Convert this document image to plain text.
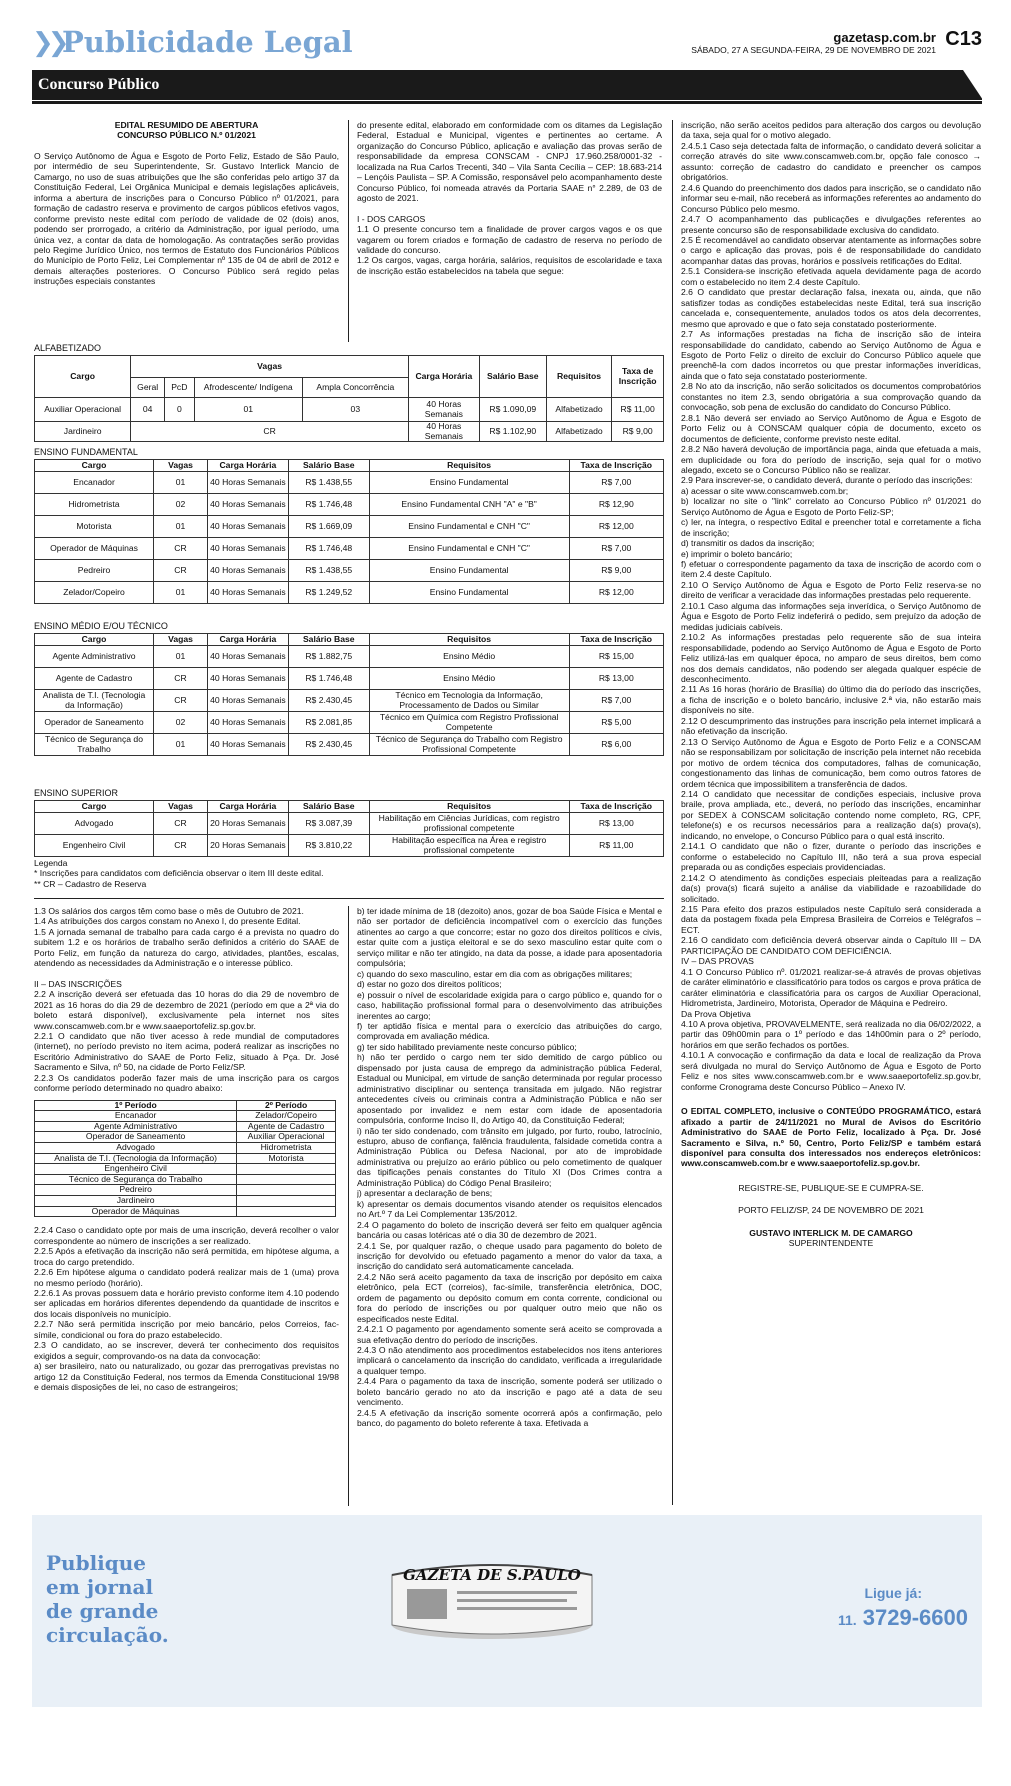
❯❯
Publicidade Legal	gazetasp.com.br
SÁBADO, 27 A SEGUNDA-FEIRA, 29 DE NOVEMBRO DE 2021 C13
Concurso Público

EDITAL RESUMIDO DE ABERTURA

CONCURSO PÚBLICO N.º 01/2021

O Serviço Autônomo de Água e Esgoto de Porto Feliz, Estado de São Paulo, por intermédio de seu Superintendente, Sr. Gustavo Interlick Mancio de Camargo, no uso de suas atribuições que lhe são conferidas pelo artigo 37 da Constituição Federal, Lei Orgânica Municipal e demais legislações aplicáveis, informa a abertura de inscrições para o Concurso Público nº 01/2021, para formação de cadastro reserva e provimento de cargos públicos efetivos vagos, conforme previsto neste edital com período de validade de 02 (dois) anos, podendo ser prorrogado, a critério da Administração, por igual período, uma única vez, a contar da data de homologação. As contratações serão providas pelo Regime Jurídico Único, nos termos de Estatuto dos Funcionários Públicos do Município de Porto Feliz, Lei Complementar nº 135 de 04 de abril de 2012 e demais alterações posteriores. O Concurso Público será regido pelas instruções especiais constantes

do presente edital, elaborado em conformidade com os ditames da Legislação Federal, Estadual e Municipal, vigentes e pertinentes ao certame. A organização do Concurso Público, aplicação e avaliação das provas serão de responsabilidade da empresa CONSCAM - CNPJ 17.960.258/0001-32 - localizada na Rua Carlos Trecenti, 340 – Vila Santa Cecília – CEP: 18.683-214 – Lençóis Paulista – SP. A Comissão, responsável pelo acompanhamento deste Concurso Público, foi nomeada através da Portaria SAAE n° 2.289, de 03 de agosto de 2021.

I - DOS CARGOS

1.1 O presente concurso tem a finalidade de prover cargos vagos e os que vagarem ou forem criados e formação de cadastro de reserva no período de validade do concurso.

1.2 Os cargos, vagas, carga horária, salários, requisitos de escolaridade e taxa de inscrição estão estabelecidos na tabela que segue:

ALFABETIZADO
Cargo	Vagas				Carga Horária	Salário Base	Requisitos	Taxa de Inscrição
	Geral	PcD	Afrodescente/ Indígena	Ampla Concorrência				
Auxiliar Operacional	04	0	01	03	40 Horas Semanais	R$ 1.090,09	Alfabetizado	R$ 11,00
Jardineiro	CR				40 Horas Semanais	R$ 1.102,90	Alfabetizado	R$ 9,00
ENSINO FUNDAMENTAL
Cargo	Vagas	Carga Horária	Salário Base	Requisitos	Taxa de Inscrição
Encanador	01	40 Horas Semanais	R$ 1.438,55	Ensino Fundamental	R$ 7,00
Hidrometrista	02	40 Horas Semanais	R$ 1.746,48	Ensino Fundamental CNH "A" e "B"	R$ 12,90
Motorista	01	40 Horas Semanais	R$ 1.669,09	Ensino Fundamental e CNH "C"	R$ 12,00
Operador de Máquinas	CR	40 Horas Semanais	R$ 1.746,48	Ensino Fundamental e CNH "C"	R$ 7,00
Pedreiro	CR	40 Horas Semanais	R$ 1.438,55	Ensino Fundamental	R$ 9,00
Zelador/Copeiro	01	40 Horas Semanais	R$ 1.249,52	Ensino Fundamental	R$ 12,00
ENSINO MÉDIO E/OU TÉCNICO
Cargo	Vagas	Carga Horária	Salário Base	Requisitos	Taxa de Inscrição
Agente Administrativo	01	40 Horas Semanais	R$ 1.882,75	Ensino Médio	R$ 15,00
Agente de Cadastro	CR	40 Horas Semanais	R$ 1.746,48	Ensino Médio	R$ 13,00
Analista de T.I. (Tecnologia da Informação)	CR	40 Horas Semanais	R$ 2.430,45	Técnico em Tecnologia da Informação, Processamento de Dados ou Similar	R$ 7,00
Operador de Saneamento	02	40 Horas Semanais	R$ 2.081,85	Técnico em Química com Registro Profissional Competente	R$ 5,00
Técnico de Segurança do Trabalho	01	40 Horas Semanais	R$ 2.430,45	Técnico de Segurança do Trabalho com Registro Profissional Competente	R$ 6,00
ENSINO SUPERIOR
Cargo	Vagas	Carga Horária	Salário Base	Requisitos	Taxa de Inscrição
Advogado	CR	20 Horas Semanais	R$ 3.087,39	Habilitação em Ciências Jurídicas, com registro profissional competente	R$ 13,00
Engenheiro Civil	CR	20 Horas Semanais	R$ 3.810,22	Habilitação específica na Área e registro profissional competente	R$ 11,00

Legenda

* Inscrições para candidatos com deficiência observar o item III deste edital.

** CR – Cadastro de Reserva

1.3 Os salários dos cargos têm como base o mês de Outubro de 2021.

1.4 As atribuições dos cargos constam no Anexo I, do presente Edital.

1.5 A jornada semanal de trabalho para cada cargo é a prevista no quadro do subitem 1.2 e os horários de trabalho serão definidos a critério do SAAE de Porto Feliz, em função da natureza do cargo, atividades, plantões, escalas, atendendo as necessidades da Administração e o interesse público.

II – DAS INSCRIÇÕES

2.2 A inscrição deverá ser efetuada das 10 horas do dia 29 de novembro de 2021 as 16 horas do dia 29 de dezembro de 2021 (período em que a 2ª via do boleto estará disponível), exclusivamente pela internet nos sites www.conscamweb.com.br e www.saaeportofeliz.sp.gov.br.

2.2.1 O candidato que não tiver acesso à rede mundial de computadores (internet), no período previsto no item acima, poderá realizar as inscrições no Escritório Administrativo do SAAE de Porto Feliz, situado à Pça. Dr. José Sacramento e Silva, nº 50, na cidade de Porto Feliz/SP.

2.2.3 Os candidatos poderão fazer mais de uma inscrição para os cargos conforme período determinado no quadro abaixo:

1º Período	2º Período
Encanador	Zelador/Copeiro
Agente Administrativo	Agente de Cadastro
Operador de Saneamento	Auxiliar Operacional
Advogado	Hidrometrista
Analista de T.I. (Tecnologia da Informação)	Motorista
Engenheiro Civil	
Técnico de Segurança do Trabalho	
Pedreiro	
Jardineiro	
Operador de Máquinas	

2.2.4 Caso o candidato opte por mais de uma inscrição, deverá recolher o valor correspondente ao número de inscrições a ser realizado.

2.2.5 Após a efetivação da inscrição não será permitida, em hipótese alguma, a troca do cargo pretendido.

2.2.6 Em hipótese alguma o candidato poderá realizar mais de 1 (uma) prova no mesmo período (horário).

2.2.6.1 As provas possuem data e horário previsto conforme item 4.10 podendo ser aplicadas em horários diferentes dependendo da quantidade de inscritos e dos locais disponíveis no município.

2.2.7 Não será permitida inscrição por meio bancário, pelos Correios, fac-símile, condicional ou fora do prazo estabelecido.

2.3 O candidato, ao se inscrever, deverá ter conhecimento dos requisitos exigidos a seguir, comprovando-os na data da convocação:

a) ser brasileiro, nato ou naturalizado, ou gozar das prerrogativas previstas no artigo 12 da Constituição Federal, nos termos da Emenda Constitucional 19/98 e demais disposições de lei, no caso de estrangeiros;

b) ter idade mínima de 18 (dezoito) anos, gozar de boa Saúde Física e Mental e não ser portador de deficiência incompatível com o exercício das funções atinentes ao cargo a que concorre; estar no gozo dos direitos políticos e civis, estar quite com a justiça eleitoral e se do sexo masculino estar quite com o serviço militar e não ter atingido, na data da posse, a idade para aposentadoria compulsória;

c) quando do sexo masculino, estar em dia com as obrigações militares;

d) estar no gozo dos direitos políticos;

e) possuir o nível de escolaridade exigida para o cargo público e, quando for o caso, habilitação profissional formal para o desenvolvimento das atribuições inerentes ao cargo;

f) ter aptidão física e mental para o exercício das atribuições do cargo, comprovada em avaliação médica.

g) ter sido habilitado previamente neste concurso público;

h) não ter perdido o cargo nem ter sido demitido de cargo público ou dispensado por justa causa de emprego da administração pública Federal, Estadual ou Municipal, em virtude de sanção determinada por regular processo administrativo disciplinar ou sentença transitada em julgado. Não registrar antecedentes cíveis ou criminais contra a Administração Pública e não ser aposentado por invalidez e nem estar com idade de aposentadoria compulsória, conforme Inciso II, do Artigo 40, da Constituição Federal;

i) não ter sido condenado, com trânsito em julgado, por furto, roubo, latrocínio, estupro, abuso de confiança, falência fraudulenta, falsidade cometida contra a Administração Pública ou Defesa Nacional, por ato de improbidade administrativa ou prejuízo ao erário público ou pelo cometimento de qualquer das tipificações penais constantes do Título XI (Dos Crimes contra a Administração Pública) do Código Penal Brasileiro;

j) apresentar a declaração de bens;

k) apresentar os demais documentos visando atender os requisitos elencados no Art.º 7 da Lei Complementar 135/2012.

2.4 O pagamento do boleto de inscrição deverá ser feito em qualquer agência bancária ou casas lotéricas até o dia 30 de dezembro de 2021.

2.4.1 Se, por qualquer razão, o cheque usado para pagamento do boleto de inscrição for devolvido ou efetuado pagamento a menor do valor da taxa, a inscrição do candidato será automaticamente cancelada.

2.4.2 Não será aceito pagamento da taxa de inscrição por depósito em caixa eletrônico, pela ECT (correios), fac-símile, transferência eletrônica, DOC, ordem de pagamento ou depósito comum em conta corrente, condicional ou fora do período de inscrições ou por qualquer outro meio que não os especificados neste Edital.

2.4.2.1 O pagamento por agendamento somente será aceito se comprovada a sua efetivação dentro do período de inscrições.

2.4.3 O não atendimento aos procedimentos estabelecidos nos itens anteriores implicará o cancelamento da inscrição do candidato, verificada a irregularidade a qualquer tempo.

2.4.4 Para o pagamento da taxa de inscrição, somente poderá ser utilizado o boleto bancário gerado no ato da inscrição e pago até a data de seu vencimento.

2.4.5 A efetivação da inscrição somente ocorrerá após a confirmação, pelo banco, do pagamento do boleto referente à taxa. Efetivada a

inscrição, não serão aceitos pedidos para alteração dos cargos ou devolução da taxa, seja qual for o motivo alegado.

2.4.5.1 Caso seja detectada falta de informação, o candidato deverá solicitar a correção através do site www.conscamweb.com.br, opção fale conosco → assunto: correção de cadastro do candidato e preencher os campos obrigatórios.

2.4.6 Quando do preenchimento dos dados para inscrição, se o candidato não informar seu e-mail, não receberá as informações referentes ao andamento do Concurso Público pelo mesmo.

2.4.7 O acompanhamento das publicações e divulgações referentes ao presente concurso são de responsabilidade exclusiva do candidato.

2.5 É recomendável ao candidato observar atentamente as informações sobre o cargo e aplicação das provas, pois é de responsabilidade do candidato acompanhar datas das provas, horários e possíveis retificações do Edital.

2.5.1 Considera-se inscrição efetivada aquela devidamente paga de acordo com o estabelecido no item 2.4 deste Capítulo.

2.6 O candidato que prestar declaração falsa, inexata ou, ainda, que não satisfizer todas as condições estabelecidas neste Edital, terá sua inscrição cancelada e, consequentemente, anulados todos os atos dela decorrentes, mesmo que aprovado e que o fato seja constatado posteriormente.

2.7 As informações prestadas na ficha de inscrição são de inteira responsabilidade do candidato, cabendo ao Serviço Autônomo de Água e Esgoto de Porto Feliz o direito de excluir do Concurso Público aquele que preenchê-la com dados incorretos ou que prestar informações inverídicas, ainda que o fato seja constatado posteriormente.

2.8 No ato da inscrição, não serão solicitados os documentos comprobatórios constantes no item 2.3, sendo obrigatória a sua comprovação quando da convocação, sob pena de exclusão do candidato do Concurso Público.

2.8.1 Não deverá ser enviado ao Serviço Autônomo de Água e Esgoto de Porto Feliz ou à CONSCAM qualquer cópia de documento, exceto os documentos de deficiente, conforme previsto neste edital.

2.8.2 Não haverá devolução de importância paga, ainda que efetuada a mais, em duplicidade ou fora do período de inscrição, seja qual for o motivo alegado, exceto se o Concurso Público não se realizar.

2.9 Para inscrever-se, o candidato deverá, durante o período das inscrições:

a) acessar o site www.conscamweb.com.br;

b) localizar no site o "link" correlato ao Concurso Público nº 01/2021 do Serviço Autônomo de Água e Esgoto de Porto Feliz-SP;

c) ler, na íntegra, o respectivo Edital e preencher total e corretamente a ficha de inscrição;

d) transmitir os dados da inscrição;

e) imprimir o boleto bancário;

f) efetuar o correspondente pagamento da taxa de inscrição de acordo com o item 2.4 deste Capítulo.

2.10 O Serviço Autônomo de Água e Esgoto de Porto Feliz reserva-se no direito de verificar a veracidade das informações prestadas pelo requerente.

2.10.1 Caso alguma das informações seja inverídica, o Serviço Autônomo de Água e Esgoto de Porto Feliz indeferirá o pedido, sem prejuízo da adoção de medidas judiciais cabíveis.

2.10.2 As informações prestadas pelo requerente são de sua inteira responsabilidade, podendo ao Serviço Autônomo de Água e Esgoto de Porto Feliz utilizá-las em qualquer época, no amparo de seus direitos, bem como nos dos demais candidatos, não podendo ser alegada qualquer espécie de desconhecimento.

2.11 As 16 horas (horário de Brasília) do último dia do período das inscrições, a ficha de inscrição e o boleto bancário, inclusive 2.ª via, não estarão mais disponíveis no site.

2.12 O descumprimento das instruções para inscrição pela internet implicará a não efetivação da inscrição.

2.13 O Serviço Autônomo de Água e Esgoto de Porto Feliz e a CONSCAM não se responsabilizam por solicitação de inscrição pela internet não recebida por motivo de ordem técnica dos computadores, falhas de comunicação, congestionamento das linhas de comunicação, bem como outros fatores de ordem técnica que impossibilitem a transferência de dados.

2.14 O candidato que necessitar de condições especiais, inclusive prova braile, prova ampliada, etc., deverá, no período das inscrições, encaminhar por SEDEX à CONSCAM solicitação contendo nome completo, RG, CPF, telefone(s) e os recursos necessários para a realização da(s) prova(s), indicando, no envelope, o Concurso Público para o qual está inscrito.

2.14.1 O candidato que não o fizer, durante o período das inscrições e conforme o estabelecido no Capítulo III, não terá a sua prova especial preparada ou as condições especiais providenciadas.

2.14.2 O atendimento às condições especiais pleiteadas para a realização da(s) prova(s) ficará sujeito a análise da viabilidade e razoabilidade do solicitado.

2.15 Para efeito dos prazos estipulados neste Capítulo será considerada a data da postagem fixada pela Empresa Brasileira de Correios e Telégrafos – ECT.

2.16 O candidato com deficiência deverá observar ainda o Capítulo III – DA PARTICIPAÇÃO DE CANDIDATO COM DEFICIÊNCIA.

IV – DAS PROVAS

4.1 O Concurso Público nº. 01/2021 realizar-se-á através de provas objetivas de caráter eliminatório e classificatório para todos os cargos e prova prática de caráter eliminatória e classificatória para os cargos de Auxiliar Operacional, Hidrometrista, Jardineiro, Motorista, Operador de Máquina e Pedreiro.

Da Prova Objetiva

4.10 A prova objetiva, PROVAVELMENTE, será realizada no dia 06/02/2022, a partir das 09h00min para o 1º período e das 14h00min para o 2º período, horários em que serão fechados os portões.

4.10.1 A convocação e confirmação da data e local de realização da Prova será divulgada no mural do Serviço Autônomo de Água e Esgoto de Porto Feliz e nos sites www.conscamweb.com.br e www.saaeportofeliz.sp.gov.br, conforme Cronograma deste Concurso Público – Anexo IV.

O EDITAL COMPLETO, inclusive o CONTEÚDO PROGRAMÁTICO, estará afixado a partir de 24/11/2021 no Mural de Avisos do Escritório Administrativo do SAAE de Porto Feliz, localizado à Pça. Dr. José Sacramento e Silva, n.º 50, Centro, Porto Feliz/SP e também estará disponível para consulta dos interessados nos endereços eletrônicos: www.conscamweb.com.br e www.saaeportofeliz.sp.gov.br.

REGISTRE-SE, PUBLIQUE-SE E CUMPRA-SE.

PORTO FELIZ/SP, 24 DE NOVEMBRO DE 2021

GUSTAVO INTERLICK M. DE CAMARGO

SUPERINTENDENTE

Publique
em jornal
de grande
circulação.
GAZETA DE S.PAULO
Ligue já:
11. 3729-6600
